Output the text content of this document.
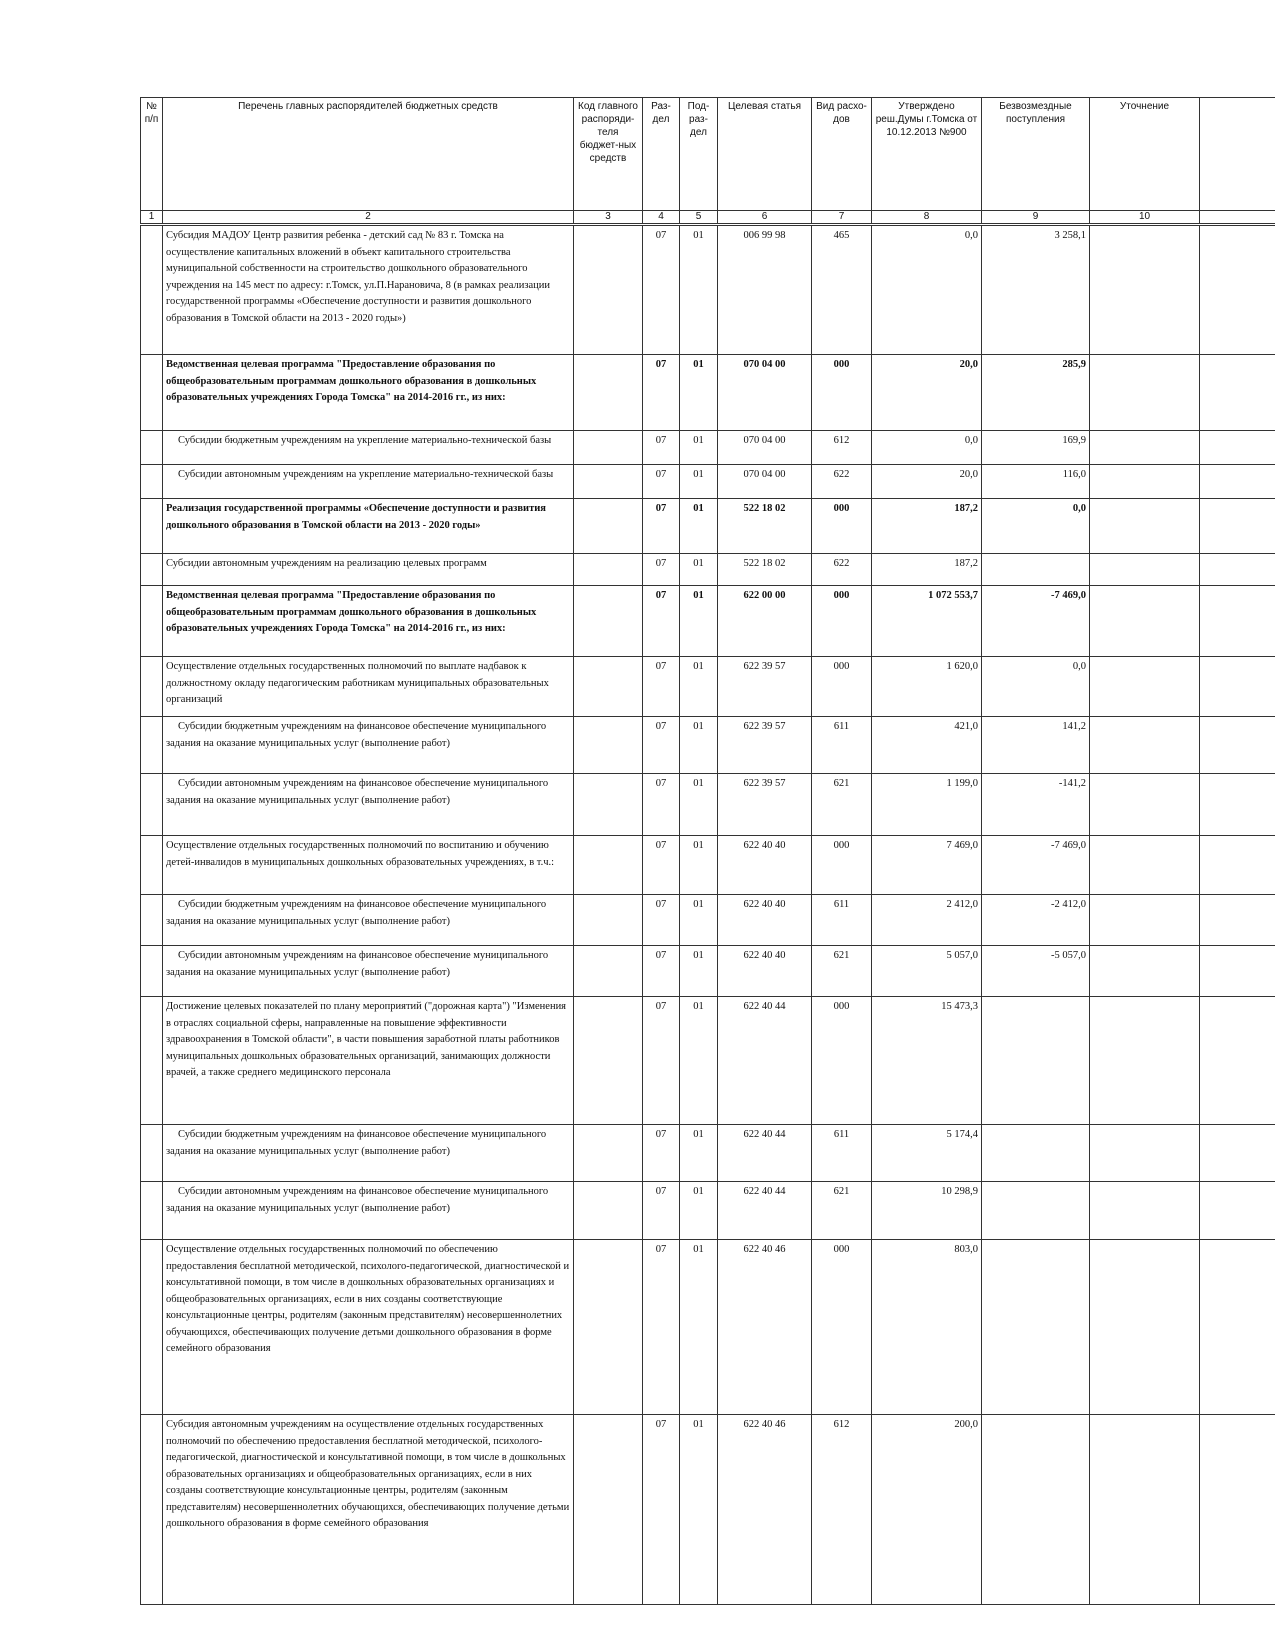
№ п/п	Перечень главных распорядителей бюджетных средств	Код главного распоряди-теля бюджет-ных средств	Раз-дел	Под-раз-дел	Целевая статья	Вид расхо-дов	Утверждено реш.Думы г.Томска от 10.12.2013 №900	Безвозмездные поступления	Уточнение	
1	2	3	4	5	6	7	8	9	10	
	Субсидия МАДОУ Центр развития ребенка - детский сад № 83 г. Томска на осуществление капитальных вложений в объект капитального строительства муниципальной собственности на строительство дошкольного образовательного учреждения на 145 мест по адресу: г.Томск, ул.П.Нарановича, 8 (в рамках реализации государственной программы «Обеспечение доступности и развития дошкольного образования в Томской области на 2013 - 2020 годы»)		07	01	006 99 98	465	0,0	3 258,1		
	Ведомственная целевая программа "Предоставление образования по общеобразовательным программам дошкольного образования в дошкольных образовательных учреждениях Города Томска" на 2014-2016 гг., из них:		07	01	070 04 00	000	20,0	285,9		
	Субсидии бюджетным учреждениям на укрепление материально-технической базы		07	01	070 04 00	612	0,0	169,9		
	Субсидии автономным учреждениям на укрепление материально-технической базы		07	01	070 04 00	622	20,0	116,0		
	Реализация государственной программы «Обеспечение доступности и развития дошкольного образования в Томской области на 2013 - 2020 годы»		07	01	522 18 02	000	187,2	0,0		
	Субсидии автономным учреждениям на реализацию целевых программ		07	01	522 18 02	622	187,2			
	Ведомственная целевая программа "Предоставление образования по общеобразовательным программам дошкольного образования в дошкольных образовательных учреждениях Города Томска" на 2014-2016 гг., из них:		07	01	622 00 00	000	1 072 553,7	-7 469,0		
	Осуществление отдельных государственных полномочий по выплате надбавок к должностному окладу педагогическим работникам муниципальных образовательных организаций		07	01	622 39 57	000	1 620,0	0,0		
	Субсидии бюджетным учреждениям на финансовое обеспечение муниципального задания на оказание муниципальных услуг (выполнение работ)		07	01	622 39 57	611	421,0	141,2		
	Субсидии автономным учреждениям на финансовое обеспечение муниципального задания на оказание муниципальных услуг (выполнение работ)		07	01	622 39 57	621	1 199,0	-141,2		
	Осуществление отдельных государственных полномочий по воспитанию и обучению детей-инвалидов в муниципальных дошкольных образовательных учреждениях, в т.ч.:		07	01	622 40 40	000	7 469,0	-7 469,0		
	Субсидии бюджетным учреждениям на финансовое обеспечение муниципального задания на оказание муниципальных услуг (выполнение работ)		07	01	622 40 40	611	2 412,0	-2 412,0		
	Субсидии автономным учреждениям на финансовое обеспечение муниципального задания на оказание муниципальных услуг (выполнение работ)		07	01	622 40 40	621	5 057,0	-5 057,0		
	Достижение целевых показателей по плану мероприятий ("дорожная карта") "Изменения в отраслях социальной сферы, направленные на повышение эффективности здравоохранения в Томской области", в части повышения заработной платы работников муниципальных дошкольных образовательных организаций, занимающих должности врачей, а также среднего медицинского персонала		07	01	622 40 44	000	15 473,3			
	Субсидии бюджетным учреждениям на финансовое обеспечение муниципального задания на оказание муниципальных услуг (выполнение работ)		07	01	622 40 44	611	5 174,4			
	Субсидии автономным учреждениям на финансовое обеспечение муниципального задания на оказание муниципальных услуг (выполнение работ)		07	01	622 40 44	621	10 298,9			
	Осуществление отдельных государственных полномочий по обеспечению предоставления бесплатной методической, психолого-педагогической, диагностической и консультативной помощи, в том числе в дошкольных образовательных организациях и общеобразовательных организациях, если в них созданы соответствующие консультационные центры, родителям (законным представителям) несовершеннолетних обучающихся, обеспечивающих получение детьми дошкольного образования в форме семейного образования		07	01	622 40 46	000	803,0			
	Субсидия автономным учреждениям на осуществление отдельных государственных полномочий по обеспечению предоставления бесплатной методической, психолого-педагогической, диагностической и консультативной помощи, в том числе в дошкольных образовательных организациях и общеобразовательных организациях, если в них созданы соответствующие консультационные центры, родителям (законным представителям) несовершеннолетних обучающихся, обеспечивающих получение детьми дошкольного образования в форме семейного образования		07	01	622 40 46	612	200,0			
